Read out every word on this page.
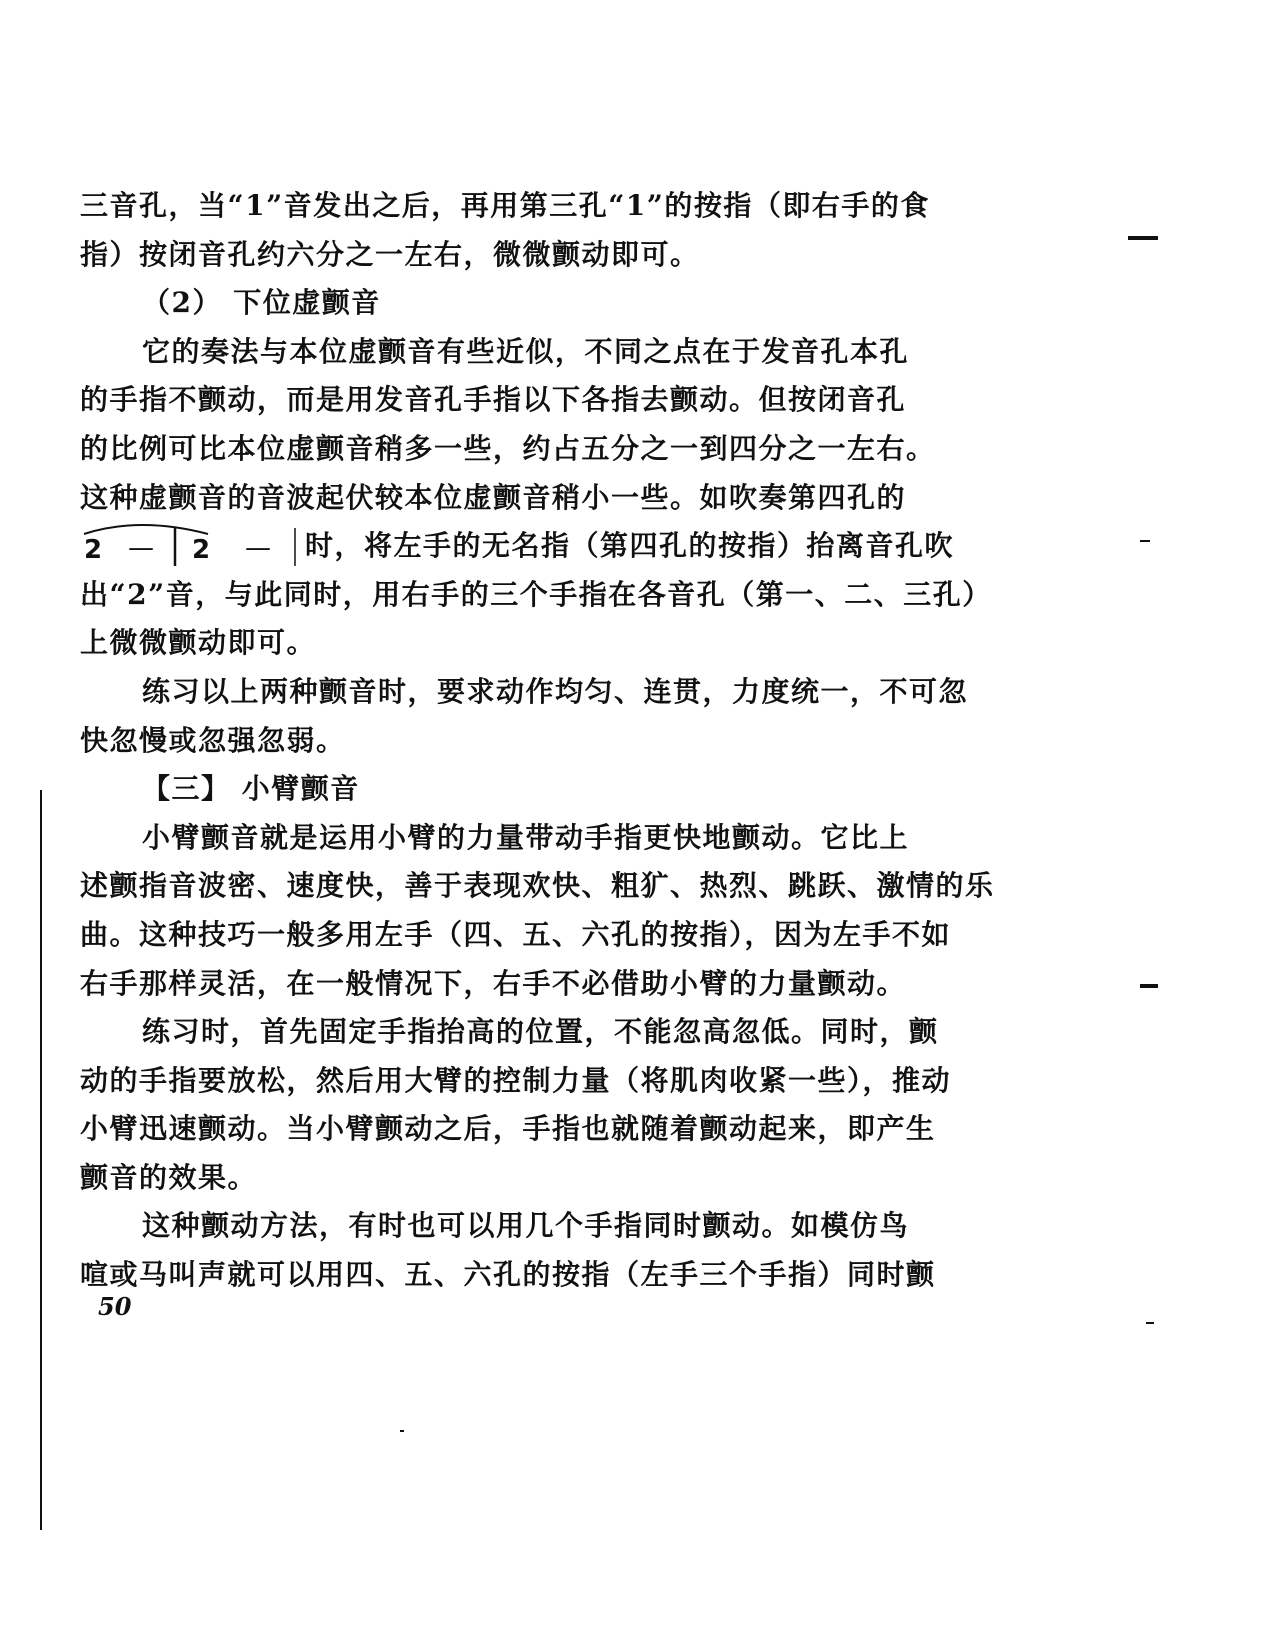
三音孔，当“1”音发出之后，再用第三孔“1”的按指（即右手的食
指）按闭音孔约六分之一左右，微微颤动即可。
（2） 下位虚颤音
它的奏法与本位虚颤音有些近似，不同之点在于发音孔本孔
的手指不颤动，而是用发音孔手指以下各指去颤动。但按闭音孔
的比例可比本位虚颤音稍多一些，约占五分之一到四分之一左右。
这种虚颤音的音波起伏较本位虚颤音稍小一些。如吹奏第四孔的
2 — 2 — 时，将左手的无名指（第四孔的按指）抬离音孔吹
出“2”音，与此同时，用右手的三个手指在各音孔（第一、二、三孔）
上微微颤动即可。
练习以上两种颤音时，要求动作均匀、连贯，力度统一，不可忽
快忽慢或忽强忽弱。
【三】 小臂颤音
小臂颤音就是运用小臂的力量带动手指更快地颤动。它比上
述颤指音波密、速度快，善于表现欢快、粗犷、热烈、跳跃、激情的乐
曲。这种技巧一般多用左手（四、五、六孔的按指），因为左手不如
右手那样灵活，在一般情况下，右手不必借助小臂的力量颤动。
练习时，首先固定手指抬高的位置，不能忽高忽低。同时，颤
动的手指要放松，然后用大臂的控制力量（将肌肉收紧一些），推动
小臂迅速颤动。当小臂颤动之后，手指也就随着颤动起来，即产生
颤音的效果。
这种颤动方法，有时也可以用几个手指同时颤动。如模仿鸟
喧或马叫声就可以用四、五、六孔的按指（左手三个手指）同时颤
50
